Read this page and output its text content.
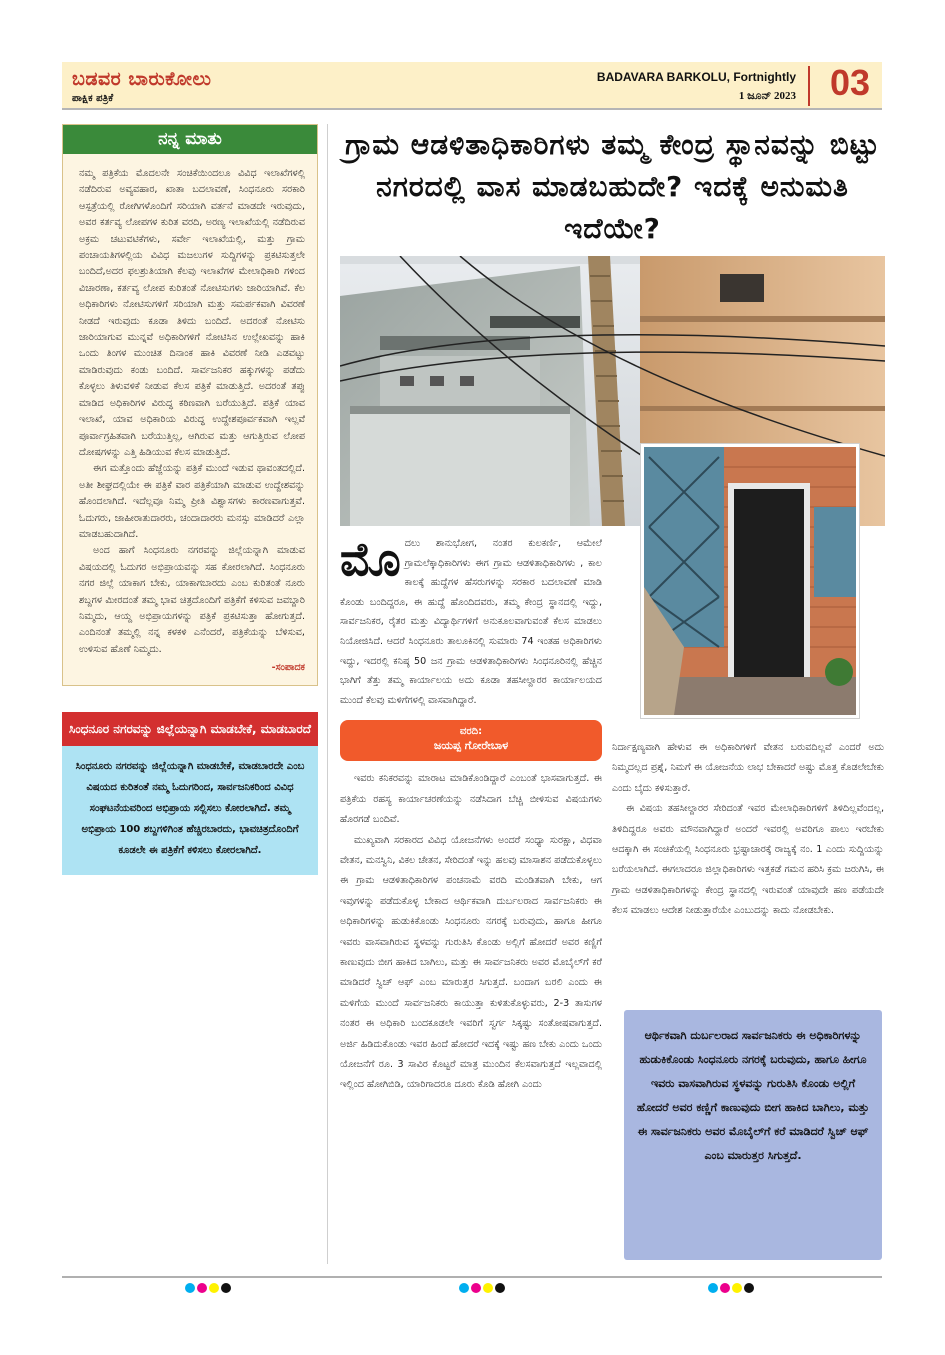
ಬಡವರ ಬಾರುಕೋಲು
ಪಾಕ್ಷಿಕ ಪತ್ರಿಕೆ
BADAVARA BARKOLU, Fortnightly
1 ಜೂನ್ 2023 03
ನನ್ನ ಮಾತು

ನಮ್ಮ ಪತ್ರಿಕೆಯ ಮೊದಲನೇ ಸಂಚಿಕೆಯಿಂದಲೂ ವಿವಿಧ ಇಲಾಖೆಗಳಲ್ಲಿ ನಡೆದಿರುವ ಅವ್ಯವಹಾರ, ಖಾತಾ ಬದಲಾವಣೆ, ಸಿಂಧನೂರು ಸರಕಾರಿ ಆಸ್ಪತ್ರೆಯಲ್ಲಿ ರೋಗಿಗಳೊಂದಿಗೆ ಸರಿಯಾಗಿ ವರ್ತನೆ ಮಾಡದೇ ಇರುವುದು, ಅವರ ಕರ್ತವ್ಯ ಲೋಪಗಳ ಕುರಿತ ವರದಿ, ಅರಣ್ಯ ಇಲಾಖೆಯಲ್ಲಿ ನಡೆದಿರುವ ಅಕ್ರಮ ಚಟುವಟಿಕೆಗಳು, ಸರ್ವೇ ಇಲಾಖೆಯಲ್ಲಿ, ಮತ್ತು ಗ್ರಾಮ ಪಂಚಾಯತಿಗಳಲ್ಲಿಯ ವಿವಿಧ ಮಜಲುಗಳ ಸುದ್ದಿಗಳನ್ನು ಪ್ರಕಟಿಸುತ್ತಲೇ ಬಂದಿದೆ,ಅದರ ಫಲಶ್ರುತಿಯಾಗಿ ಕೆಲವು ಇಲಾಖೆಗಳ ಮೇಲಾಧಿಕಾರಿ ಗಳಿಂದ ವಿಚಾರಣಾ, ಕರ್ತವ್ಯ ಲೋಪ ಕುರಿತಂತೆ ನೋಟಿಸುಗಳು ಜಾರಿಯಾಗಿವೆ. ಕೆಲ ಅಧಿಕಾರಿಗಳು ನೋಟಿಸುಗಳಿಗೆ ಸರಿಯಾಗಿ ಮತ್ತು ಸಮರ್ಪಕವಾಗಿ ವಿವರಣೆ ನೀಡದೆ ಇರುವುದು ಕೂಡಾ ತಿಳಿದು ಬಂದಿದೆ. ಅದರಂತೆ ನೋಟಿಸು ಜಾರಿಯಾಗುವ ಮುನ್ನವೆ ಅಧಿಕಾರಿಗಳಿಗೆ ನೋಟಿಸಿನ ಉಲ್ಲೇಖವನ್ನು ಹಾಕಿ ಒಂದು ತಿಂಗಳ ಮುಂಚಿತ ದಿನಾಂಕ ಹಾಕಿ ವಿವರಣೆ ನೀಡಿ ಎಡವಟ್ಟು ಮಾಡಿರುವುದು ಕಂಡು ಬಂದಿದೆ. ಸಾರ್ವಜನಿಕರ ಹಕ್ಕುಗಳನ್ನು ಪಡೆದು ಕೊಳ್ಳಲು ತಿಳುವಳಿಕೆ ನೀಡುವ ಕೆಲಸ ಪತ್ರಿಕೆ ಮಾಡುತ್ತಿದೆ. ಅದರಂತೆ ತಪ್ಪು ಮಾಡಿದ ಅಧಿಕಾರಿಗಳ ವಿರುದ್ಧ ಕಠಿಣವಾಗಿ ಬರೆಯುತ್ತಿದೆ. ಪತ್ರಿಕೆ ಯಾವ ಇಲಾಖೆ, ಯಾವ ಅಧಿಕಾರಿಯ ವಿರುದ್ಧ ಉದ್ದೇಶಪೂರ್ವಕವಾಗಿ ಇಲ್ಲವೆ ಪೂರ್ವಾಗ್ರಹಿತವಾಗಿ ಬರೆಯುತ್ತಿಲ್ಲ, ಆಗಿರುವ ಮತ್ತು ಆಗುತ್ತಿರುವ ಲೋಪ ದೋಷಗಳನ್ನು ಎತ್ತಿ ಹಿಡಿಯುವ ಕೆಲಸ ಮಾಡುತ್ತಿದೆ.

ಈಗ ಮತ್ತೊಂದು ಹೆಜ್ಜೆಯನ್ನು ಪತ್ರಿಕೆ ಮುಂದೆ ಇಡುವ ಥಾವಂತದಲ್ಲಿದೆ. ಅತೀ ಶೀಘ್ರದಲ್ಲಿಯೇ ಈ ಪತ್ರಿಕೆ ವಾರ ಪತ್ರಿಕೆಯಾಗಿ ಮಾಡುವ ಉದ್ದೇಶವನ್ನು ಹೊಂದಲಾಗಿದೆ. ಇದೆಲ್ಲವೂ ನಿಮ್ಮ ಪ್ರೀತಿ ವಿಶ್ವಾಸಗಳು ಕಾರಣವಾಗುತ್ತವೆ. ಓದುಗರು, ಜಾಹೀರಾತುದಾರರು, ಚಂದಾದಾರರು ಮನಸ್ಸು ಮಾಡಿದರೆ ಎಲ್ಲಾ ಮಾಡಬಹುದಾಗಿದೆ.

ಅಂದ ಹಾಗೆ ಸಿಂಧನೂರು ನಗರವನ್ನು ಜಿಲ್ಲೆಯನ್ನಾಗಿ ಮಾಡುವ ವಿಷಯದಲ್ಲಿ ಓದುಗರ ಅಭಿಪ್ರಾಯವನ್ನು ಸಹ ಕೋರಲಾಗಿದೆ. ಸಿಂಧನೂರು ನಗರ ಜಿಲ್ಲೆ ಯಾಕಾಗ ಬೇಕು, ಯಾಕಾಗಬಾರದು ಎಂಬ ಕುರಿತಂತೆ ನೂರು ಶಬ್ದಗಳ ಮೀರದಂತೆ ತಮ್ಮ ಭಾವ ಚಿತ್ರದೊಂದಿಗೆ ಪತ್ರಿಕೆಗೆ ಕಳಿಸುವ ಜವಬ್ದಾರಿ ನಿಮ್ಮದು, ಆಯ್ದ ಅಭಿಪ್ರಾಯಗಳನ್ನು ಪತ್ರಿಕೆ ಪ್ರಕಟಿಸುತ್ತಾ ಹೋಗುತ್ತದೆ. ಎಂದಿನಂತೆ ತಮ್ಮಲ್ಲಿ ನನ್ನ ಕಳಕಳಿ ಎನೆಂದರೆ, ಪತ್ರಿಕೆಯನ್ನು ಬೆಳಿಸುವ, ಉಳಿಸುವ ಹೊಣೆ ನಿಮ್ಮದು.

-ಸಂಪಾದಕ
ಸಿಂಧನೂರ ನಗರವನ್ನು ಜಿಲ್ಲೆಯನ್ನಾಗಿ ಮಾಡಬೇಕೆ, ಮಾಡಬಾರದೆ
ಸಿಂಧನೂರು ನಗರವನ್ನು ಜಿಲ್ಲೆಯನ್ನಾಗಿ ಮಾಡಬೇಕೆ, ಮಾಡಬಾರದೇ ಎಂಬ ವಿಷಯದ ಕುರಿತಂತೆ ನಮ್ಮ ಓದುಗರಿಂದ, ಸಾರ್ವಜನಿಕರಿಂದ ವಿವಿಧ ಸಂಘಟನೆಯವರಿಂದ ಅಭಿಪ್ರಾಯ ಸಲ್ಲಿಸಲು ಕೋರಲಾಗಿದೆ. ತಮ್ಮ ಅಭಿಪ್ರಾಯ 100 ಶಬ್ದಗಳಿಗಿಂತ ಹೆಚ್ಚಿರಬಾರದು, ಭಾವಚಿತ್ರದೊಂದಿಗೆ ಕೂಡಲೇ ಈ ಪತ್ರಿಕೆಗೆ ಕಳಿಸಲು ಕೋರಲಾಗಿದೆ.
ಗ್ರಾಮ ಆಡಳಿತಾಧಿಕಾರಿಗಳು ತಮ್ಮ ಕೇಂದ್ರ ಸ್ಥಾನವನ್ನು ಬಿಟ್ಟು ನಗರದಲ್ಲಿ ವಾಸ ಮಾಡಬಹುದೇ? ಇದಕ್ಕೆ ಅನುಮತಿ ಇದೆಯೇ?
ಮೊ ದಲು ಶಾನುಭೋಗ, ನಂತರ ಕುಲಕರ್ಣಿ, ಆಮೇಲೆ ಗ್ರಾಮಲೆಕ್ಕಾಧಿಕಾರಿಗಳು ಈಗ ಗ್ರಾಮ ಆಡಳಿತಾಧಿಕಾರಿಗಳು , ಕಾಲ ಕಾಲಕ್ಕೆ ಹುದ್ದೆಗಳ ಹೆಸರುಗಳನ್ನು ಸರಕಾರ ಬದಲಾವಣೆ ಮಾಡಿ ಕೊಂಡು ಬಂದಿದ್ದರೂ, ಈ ಹುದ್ದೆ ಹೊಂದಿದವರು, ತಮ್ಮ ಕೇಂದ್ರ ಸ್ಥಾನದಲ್ಲಿ ಇದ್ದು, ಸಾರ್ವಜನಿಕರ, ರೈತರ ಮತ್ತು ವಿದ್ಯಾರ್ಥಿಗಳಿಗೆ ಅನುಕೂಲವಾಗುವಂತೆ ಕೆಲಸ ಮಾಡಲು ನಿಯೋಜಿಸಿದೆ. ಆದರೆ ಸಿಂಧನೂರು ತಾಲೂಕಿನಲ್ಲಿ ಸುಮಾರು 74 ಇಂತಹ ಅಧಿಕಾರಿಗಳು ಇದ್ದು, ಇದರಲ್ಲಿ ಕನಿಷ್ಠ 50 ಜನ ಗ್ರಾಮ ಆಡಳಿತಾಧಿಕಾರಿಗಳು ಸಿಂಧನೂರಿನಲ್ಲಿ ಹೆಚ್ಚಿನ ಭಾಗಿಗೆ ತೆತ್ತು ತಮ್ಮ ಕಾರ್ಯಾಲಯ ಅದು ಕೂಡಾ ತಹಸೀಲ್ದಾರರ ಕಾರ್ಯಾಲಯದ ಮುಂದೆ ಕೆಲವು ಮಳಿಗೆಗಳಲ್ಲಿ ವಾಸವಾಗಿದ್ದಾರೆ.
ವರದಿ:
ಜಯಪ್ಪ ಗೋರೇಬಾಳ

ಇವರು ಕನಿಕರವನ್ನು ಮಾರಾಟ ಮಾಡಿಕೊಂಡಿದ್ದಾರೆ ಎಂಬಂತೆ ಭಾಸವಾಗುತ್ತದೆ. ಈ ಪತ್ರಿಕೆಯ ರಹಸ್ಯ ಕಾರ್ಯಾಚರಣೆಯನ್ನು ನಡೆಸಿದಾಗ ಬೆಚ್ಚಿ ಬೀಳಿಸುವ ವಿಷಯಗಳು ಹೊರಗಡೆ ಬಂದಿವೆ.

ಮುಖ್ಯವಾಗಿ ಸರಕಾರದ ವಿವಿಧ ಯೋಜನೆಗಳು ಅಂದರೆ ಸಂಧ್ಯಾ ಸುರಕ್ಷಾ, ವಿಧವಾ ವೇತನ, ಮನಸ್ವಿನಿ, ವಿಕಲ ಚೇತನ, ಸೇರಿದಂತೆ ಇನ್ನು ಹಲವು ಮಾಸಾಶನ ಪಡೆದುಕೊಳ್ಳಲು ಈ ಗ್ರಾಮ ಆಡಳಿತಾಧಿಕಾರಿಗಳ ಪಂಚನಾಮೆ ವರದಿ ಮಂಡಿತವಾಗಿ ಬೇಕು, ಆಗ ಇವುಗಳನ್ನು ಪಡೆದುಕೊಳ್ಳ ಬೇಕಾದ ಆರ್ಥಿಕವಾಗಿ ದುರ್ಬಲರಾದ ಸಾರ್ವಜನಿಕರು ಈ ಅಧಿಕಾರಿಗಳನ್ನು ಹುಡುಕಿಕೊಂಡು ಸಿಂಧನೂರು ನಗರಕ್ಕೆ ಬರುವುದು, ಹಾಗೂ ಹೀಗೂ ಇವರು ವಾಸವಾಗಿರುವ ಸ್ಥಳವನ್ನು ಗುರುತಿಸಿ ಕೊಂಡು ಅಲ್ಲಿಗೆ ಹೋದರೆ ಅವರ ಕಣ್ಣಿಗೆ ಕಾಣುವುದು ಬೀಗ ಹಾಕಿದ ಬಾಗಿಲು, ಮತ್ತು ಈ ಸಾರ್ವಜನಿಕರು ಅವರ ಮೊಬೈಲ್‌ಗೆ ಕರೆ ಮಾಡಿದರೆ ಸ್ವಿಚ್ ಆಫ್ ಎಂಬ ಮಾರುತ್ತರ ಸಿಗುತ್ತದೆ. ಬಂದಾಗ ಬರಲಿ ಎಂದು ಈ ಮಳಿಗೆಯ ಮುಂದೆ ಸಾರ್ವಜನಿಕರು ಕಾಯುತ್ತಾ ಕುಳಿತುಕೊಳ್ಳುವರು, 2-3 ತಾಸುಗಳ ನಂತರ ಈ ಅಧಿಕಾರಿ ಬಂದಕೂಡಲೇ ಇವರಿಗೆ ಸ್ವರ್ಗ ಸಿಕ್ಕಷ್ಟು ಸಂತೋಷವಾಗುತ್ತದೆ. ಅರ್ಜಿ ಹಿಡಿದುಕೊಂಡು ಇವರ ಹಿಂದೆ ಹೋದರೆ ಇದಕ್ಕೆ ಇಷ್ಟು ಹಣ ಬೇಕು ಎಂದು ಒಂದು ಯೋಜನೆಗೆ ರೂ. 3 ಸಾವಿರ ಕೊಟ್ಟರೆ ಮಾತ್ರ ಮುಂದಿನ ಕೆಲಸವಾಗುತ್ತದೆ ಇಲ್ಲವಾದಲ್ಲಿ ಇಲ್ಲಿಂದ ಹೋಗಿಬಿಡಿ, ಯಾರಿಗಾದರೂ ದೂರು ಕೊಡಿ ಹೋಗಿ ಎಂದು

ನಿರ್ದಾಕ್ಷಣ್ಯವಾಗಿ ಹೇಳುವ ಈ ಅಧಿಕಾರಿಗಳಿಗೆ ವೇತನ ಬರುವದಿಲ್ಲವೆ ಎಂದರೆ ಅದು ನಿಮ್ಮದಲ್ಲದ ಪ್ರಶ್ನೆ, ನಿಮಗೆ ಈ ಯೋಜನೆಯ ಲಾಭ ಬೇಕಾದರೆ ಅಷ್ಟು ಮೊತ್ತ ಕೊಡಲೇಬೇಕು ಎಂದು ಬೈದು ಕಳಿಸುತ್ತಾರೆ.

ಈ ವಿಷಯ ತಹಸೀಲ್ದಾರರ ಸೇರಿದಂತೆ ಇವರ ಮೇಲಾಧಿಕಾರಿಗಳಿಗೆ ತಿಳಿದಿಲ್ಲವೆಂದಲ್ಲ, ತಿಳಿದಿದ್ದರೂ ಅವರು ಮೌನವಾಗಿದ್ದಾರೆ ಅಂದರೆ ಇವರಲ್ಲಿ ಅವರಿಗೂ ಪಾಲು ಇರಬೇಕು ಆದಕ್ಕಾಗಿ ಈ ಸಂಚಿಕೆಯಲ್ಲಿ ಸಿಂಧನೂರು ಭ್ರಷ್ಟಾಚಾರಕ್ಕೆ ರಾಜ್ಯಕ್ಕೆ ನಂ. 1 ಎಂದು ಸುದ್ದಿಯನ್ನು ಬರೆಯಲಾಗಿದೆ. ಈಗಲಾದರೂ ಜಿಲ್ಲಾಧಿಕಾರಿಗಳು ಇತ್ತಕಡೆ ಗಮನ ಹರಿಸಿ ಕ್ರಮ ಜರುಗಿಸಿ, ಈ ಗ್ರಾಮ ಆಡಳಿತಾಧಿಕಾರಿಗಳನ್ನು ಕೇಂದ್ರ ಸ್ಥಾನದಲ್ಲಿ ಇರುವಂತೆ ಯಾವುದೇ ಹಣ ಪಡೆಯದೇ ಕೆಲಸ ಮಾಡಲು ಆದೇಶ ನೀಡುತ್ತಾರೆಯೇ ಎಂಬುದನ್ನು ಕಾದು ನೋಡಬೇಕು.

ಆರ್ಥಿಕವಾಗಿ ದುರ್ಬಲರಾದ ಸಾರ್ವಜನಿಕರು ಈ ಅಧಿಕಾರಿಗಳನ್ನು ಹುಡುಕಿಕೊಂಡು ಸಿಂಧನೂರು ನಗರಕ್ಕೆ ಬರುವುದು, ಹಾಗೂ ಹೀಗೂ ಇವರು ವಾಸವಾಗಿರುವ ಸ್ಥಳವನ್ನು ಗುರುತಿಸಿ ಕೊಂಡು ಅಲ್ಲಿಗೆ ಹೋದರೆ ಅವರ ಕಣ್ಣಿಗೆ ಕಾಣುವುದು ಬೀಗ ಹಾಕಿದ ಬಾಗಿಲು, ಮತ್ತು ಈ ಸಾರ್ವಜನಿಕರು ಅವರ ಮೊಬೈಲ್‌ಗೆ ಕರೆ ಮಾಡಿದರೆ ಸ್ವಿಚ್ ಆಫ್ ಎಂಬ ಮಾರುತ್ತರ ಸಿಗುತ್ತದೆ.
